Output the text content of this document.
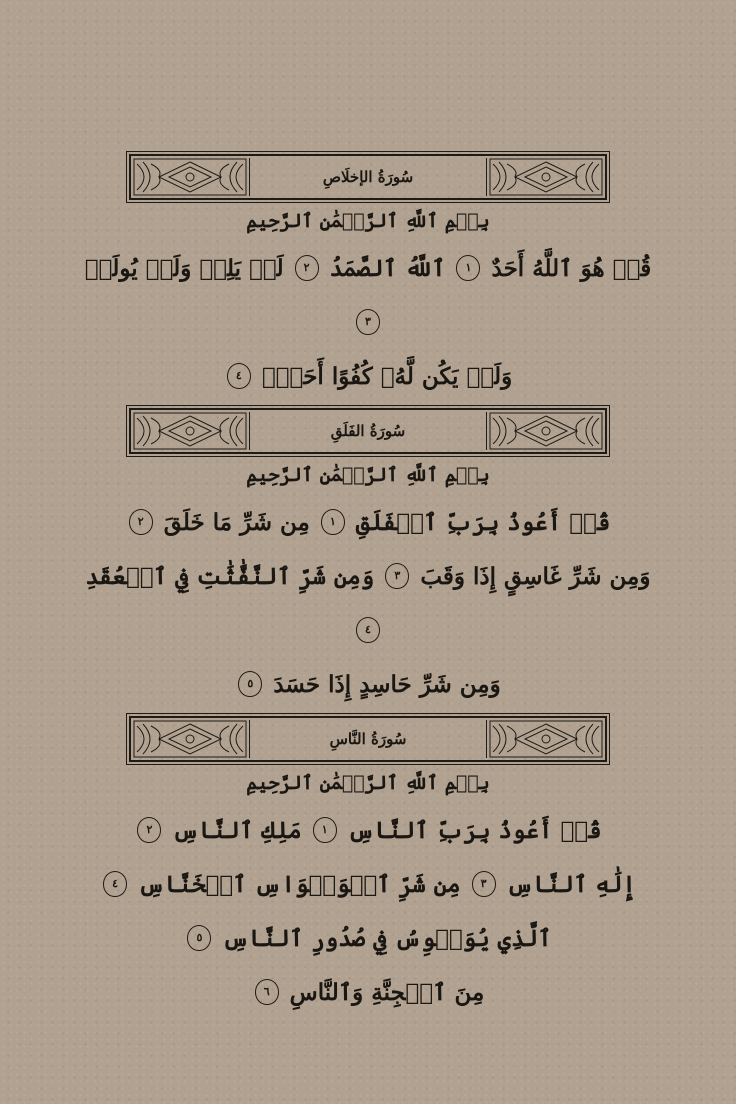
سُورَةُ الإخلَاصِ
بِسۡمِ ٱللَّهِ ٱلرَّحۡمَٰنِ ٱلرَّحِيمِ

قُلۡ هُوَ ٱللَّهُ أَحَدٌ ١ ٱللَّهُ ٱلصَّمَدُ ٢ لَمۡ يَلِدۡ وَلَمۡ يُولَدۡ ٣
وَلَمۡ يَكُن لَّهُۥ كُفُوًا أَحَدُۢ ٤

سُورَةُ الفَلَقِ
بِسۡمِ ٱللَّهِ ٱلرَّحۡمَٰنِ ٱلرَّحِيمِ

قُلۡ أَعُوذُ بِرَبِّ ٱلۡفَلَقِ ١ مِن شَرِّ مَا خَلَقَ ٢
وَمِن شَرِّ غَاسِقٍ إِذَا وَقَبَ ٣ وَمِن شَرِّ ٱلنَّفَّٰثَٰتِ فِي ٱلۡعُقَدِ ٤
وَمِن شَرِّ حَاسِدٍ إِذَا حَسَدَ ٥

سُورَةُ النَّاسِ
بِسۡمِ ٱللَّهِ ٱلرَّحۡمَٰنِ ٱلرَّحِيمِ

قُلۡ أَعُوذُ بِرَبِّ ٱلنَّاسِ ١ مَلِكِ ٱلنَّاسِ ٢
إِلَٰهِ ٱلنَّاسِ ٣ مِن شَرِّ ٱلۡوَسۡوَاسِ ٱلۡخَنَّاسِ ٤
ٱلَّذِي يُوَسۡوِسُ فِي صُدُورِ ٱلنَّاسِ ٥
مِنَ ٱلۡجِنَّةِ وَٱلنَّاسِ ٦
